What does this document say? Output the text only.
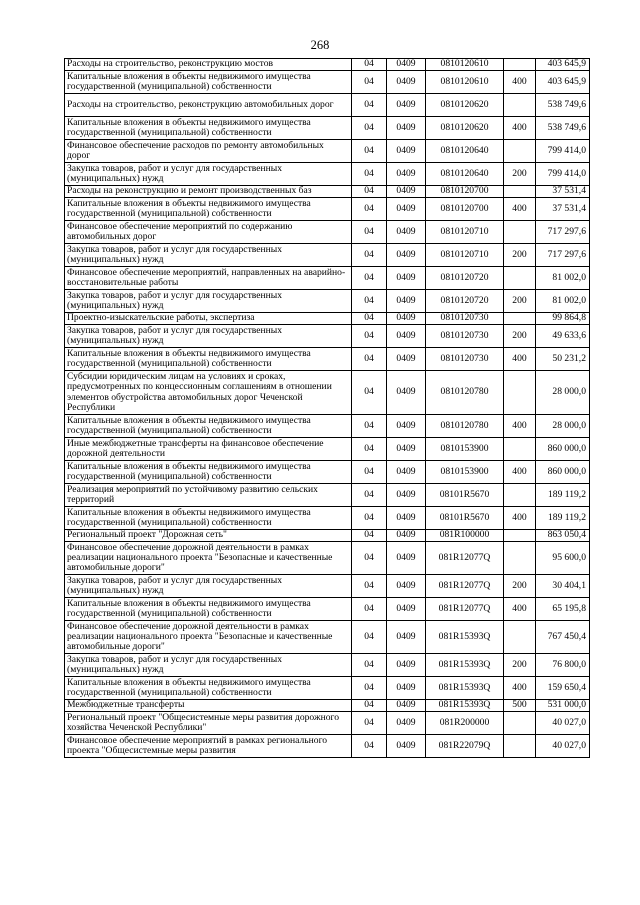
268
Расходы на строительство, реконструкцию мостов	04	0409	0810120610		403 645,9
Капитальные вложения в объекты недвижимого имущества государственной (муниципальной) собственности	04	0409	0810120610	400	403 645,9
Расходы на строительство, реконструкцию автомобильных дорог	04	0409	0810120620		538 749,6
Капитальные вложения в объекты недвижимого имущества государственной (муниципальной) собственности	04	0409	0810120620	400	538 749,6
Финансовое обеспечение расходов по ремонту автомобильных дорог	04	0409	0810120640		799 414,0
Закупка товаров, работ и услуг для государственных (муниципальных) нужд	04	0409	0810120640	200	799 414,0
Расходы на реконструкцию и ремонт производственных баз	04	0409	0810120700		37 531,4
Капитальные вложения в объекты недвижимого имущества государственной (муниципальной) собственности	04	0409	0810120700	400	37 531,4
Финансовое обеспечение мероприятий по содержанию автомобильных дорог	04	0409	0810120710		717 297,6
Закупка товаров, работ и услуг для государственных (муниципальных) нужд	04	0409	0810120710	200	717 297,6
Финансовое обеспечение мероприятий, направленных на аварийно-восстановительные работы	04	0409	0810120720		81 002,0
Закупка товаров, работ и услуг для государственных (муниципальных) нужд	04	0409	0810120720	200	81 002,0
Проектно-изыскательские работы, экспертиза	04	0409	0810120730		99 864,8
Закупка товаров, работ и услуг для государственных (муниципальных) нужд	04	0409	0810120730	200	49 633,6
Капитальные вложения в объекты недвижимого имущества государственной (муниципальной) собственности	04	0409	0810120730	400	50 231,2
Субсидии юридическим лицам на условиях и сроках, предусмотренных по концессионным соглашениям в отношении элементов обустройства автомобильных дорог Чеченской Республики	04	0409	0810120780		28 000,0
Капитальные вложения в объекты недвижимого имущества государственной (муниципальной) собственности	04	0409	0810120780	400	28 000,0
Иные межбюджетные трансферты на финансовое обеспечение дорожной деятельности	04	0409	0810153900		860 000,0
Капитальные вложения в объекты недвижимого имущества государственной (муниципальной) собственности	04	0409	0810153900	400	860 000,0
Реализация мероприятий по устойчивому развитию сельских территорий	04	0409	08101R5670		189 119,2
Капитальные вложения в объекты недвижимого имущества государственной (муниципальной) собственности	04	0409	08101R5670	400	189 119,2
Региональный проект "Дорожная сеть"	04	0409	081R100000		863 050,4
Финансовое обеспечение дорожной деятельности в рамках реализации национального проекта "Безопасные и качественные автомобильные дороги"	04	0409	081R12077Q		95 600,0
Закупка товаров, работ и услуг для государственных (муниципальных) нужд	04	0409	081R12077Q	200	30 404,1
Капитальные вложения в объекты недвижимого имущества государственной (муниципальной) собственности	04	0409	081R12077Q	400	65 195,8
Финансовое обеспечение дорожной деятельности в рамках реализации национального проекта "Безопасные и качественные автомобильные дороги"	04	0409	081R15393Q		767 450,4
Закупка товаров, работ и услуг для государственных (муниципальных) нужд	04	0409	081R15393Q	200	76 800,0
Капитальные вложения в объекты недвижимого имущества государственной (муниципальной) собственности	04	0409	081R15393Q	400	159 650,4
Межбюджетные трансферты	04	0409	081R15393Q	500	531 000,0
Региональный проект "Общесистемные меры развития дорожного хозяйства Чеченской Республики"	04	0409	081R200000		40 027,0
Финансовое обеспечение мероприятий в рамках регионального проекта "Общесистемные меры развития	04	0409	081R22079Q		40 027,0
